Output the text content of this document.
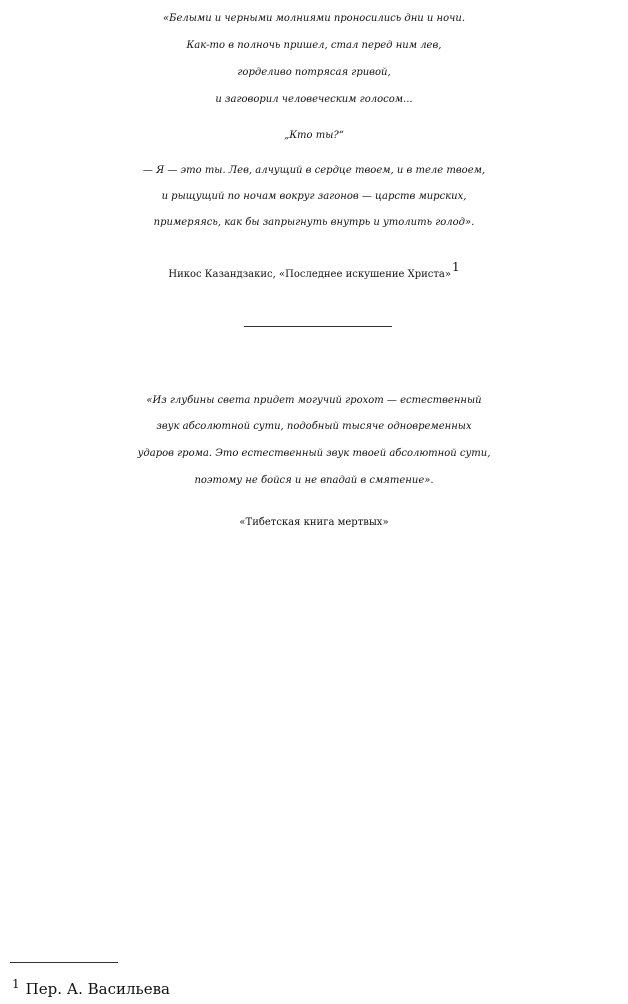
«Белыми и черными молниями проносились дни и ночи.
Как-то в полночь пришел, стал перед ним лев,
горделиво потрясая гривой,
и заговорил человеческим голосом...
„Кто ты?“
— Я — это ты. Лев, алчущий в сердце твоем, и в теле твоем,
и рыщущий по ночам вокруг загонов — царств мирских,
примеряясь, как бы запрыгнуть внутрь и утолить голод».
Никос Казандзакис, «Последнее искушение Христа»$^1$
«Из глубины света придет могучий грохот — естественный
звук абсолютной сути, подобный тысяче одновременных
ударов грома. Это естественный звук твоей абсолютной сути,
поэтому не бойся и не впадай в смятение».
«Тибетская книга мертвых»
$^1$ Пер. А. Васильева
